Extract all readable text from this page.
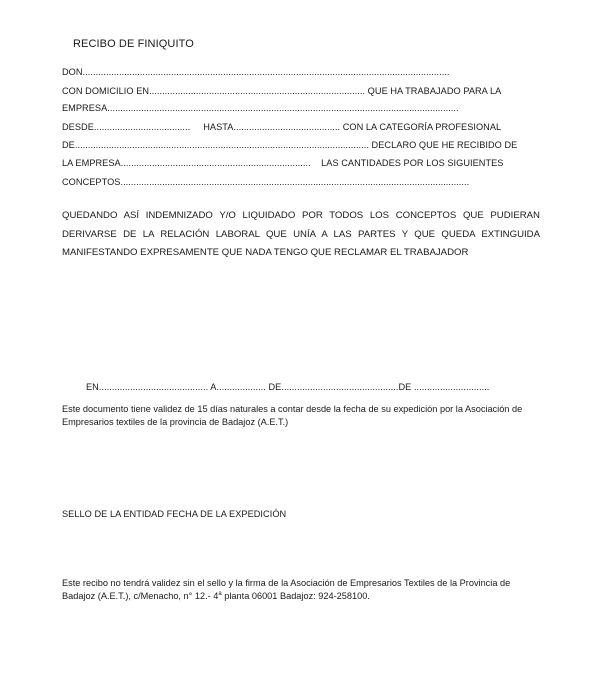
RECIBO DE FINIQUITO
DON.............................................................................................................................................
CON DOMICILIO EN................................................................................... QUE HA TRABAJADO PARA LA
EMPRESA.......................................................................................................................................
DESDE.....................................     HASTA......................................... CON LA CATEGORÍA PROFESIONAL
DE................................................................................................................. DECLARO QUE HE RECIBIDO DE
LA EMPRESA.........................................................................    LAS CANTIDADES POR LOS SIGUIENTES
CONCEPTOS......................................................................................................................................
QUEDANDO ASÍ INDEMNIZADO Y/O LIQUIDADO POR TODOS LOS CONCEPTOS QUE PUDIERAN DERIVARSE DE LA RELACIÓN LABORAL QUE UNÍA A LAS PARTES Y QUE QUEDA EXTINGUIDA MANIFESTANDO EXPRESAMENTE QUE NADA TENGO QUE RECLAMAR EL TRABAJADOR
EN.......................................... A................... DE.............................................DE .............................
Este documento tiene validez de 15 días naturales a contar desde la fecha de su expedición por la Asociación de Empresarios textiles de la provincia de Badajoz (A.E.T.)
SELLO DE LA ENTIDAD FECHA DE LA EXPEDICIÓN
Este recibo no tendrá validez sin el sello y la firma de la Asociación de Empresarios Textiles de la Provincia de Badajoz (A.E.T.), c/Menacho, n° 12.- 4$^a$ planta 06001 Badajoz: 924-258100.
